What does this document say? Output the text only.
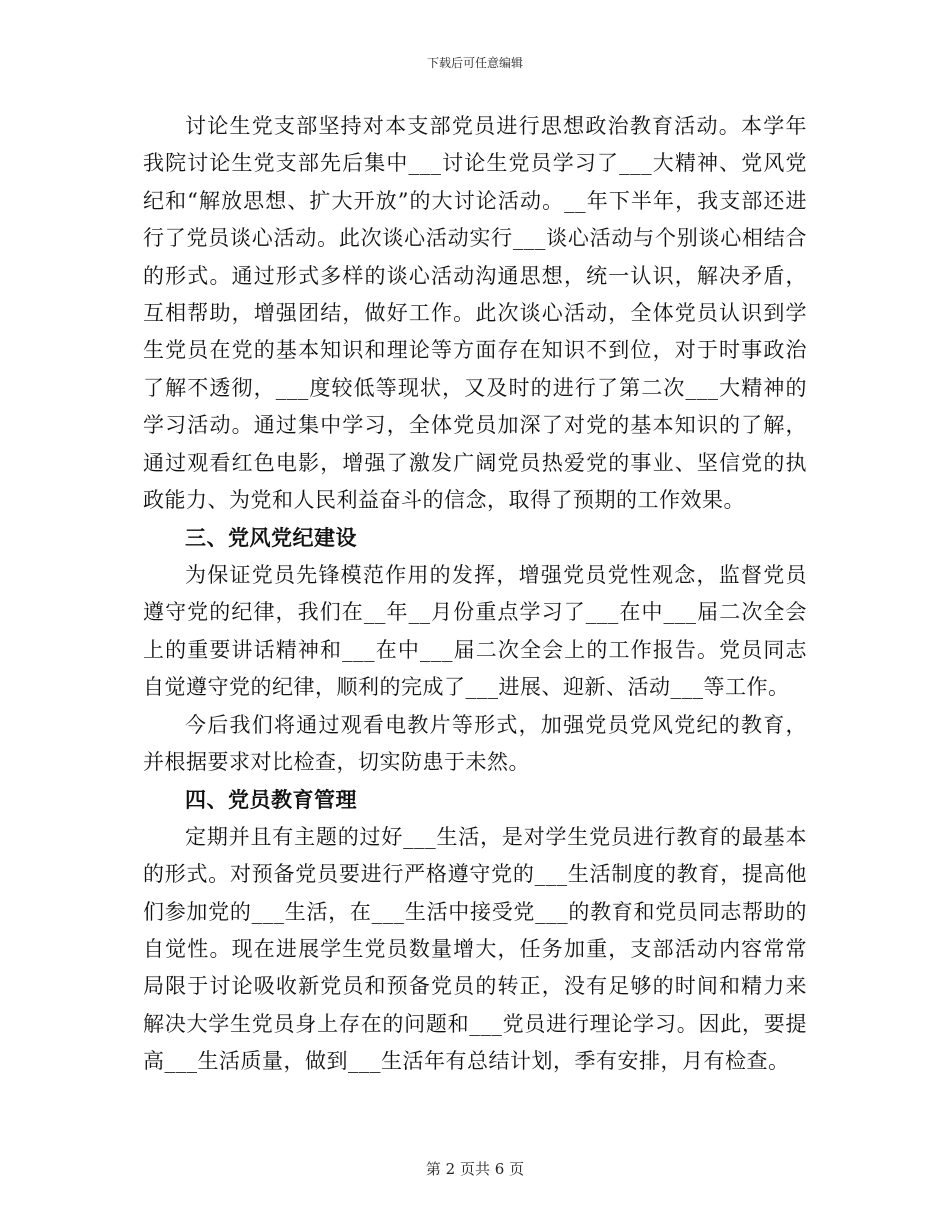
下载后可任意编辑

讨论生党支部坚持对本支部党员进行思想政治教育活动。本学年我院讨论生党支部先后集中___讨论生党员学习了___大精神、党风党纪和“解放思想、扩大开放”的大讨论活动。__年下半年，我支部还进行了党员谈心活动。此次谈心活动实行___谈心活动与个别谈心相结合的形式。通过形式多样的谈心活动沟通思想，统一认识，解决矛盾，互相帮助，增强团结，做好工作。此次谈心活动，全体党员认识到学生党员在党的基本知识和理论等方面存在知识不到位，对于时事政治了解不透彻，___度较低等现状，又及时的进行了第二次___大精神的学习活动。通过集中学习，全体党员加深了对党的基本知识的了解，通过观看红色电影，增强了激发广阔党员热爱党的事业、坚信党的执政能力、为党和人民利益奋斗的信念，取得了预期的工作效果。

三、党风党纪建设

为保证党员先锋模范作用的发挥，增强党员党性观念，监督党员遵守党的纪律，我们在__年__月份重点学习了___在中___届二次全会上的重要讲话精神和___在中___届二次全会上的工作报告。党员同志自觉遵守党的纪律，顺利的完成了___进展、迎新、活动___等工作。

今后我们将通过观看电教片等形式，加强党员党风党纪的教育，并根据要求对比检查，切实防患于未然。

四、党员教育管理

定期并且有主题的过好___生活，是对学生党员进行教育的最基本的形式。对预备党员要进行严格遵守党的___生活制度的教育，提高他们参加党的___生活，在___生活中接受党___的教育和党员同志帮助的自觉性。现在进展学生党员数量增大，任务加重，支部活动内容常常局限于讨论吸收新党员和预备党员的转正，没有足够的时间和精力来解决大学生党员身上存在的问题和___党员进行理论学习。因此，要提高___生活质量，做到___生活年有总结计划，季有安排，月有检查。

第 2 页共 6 页
